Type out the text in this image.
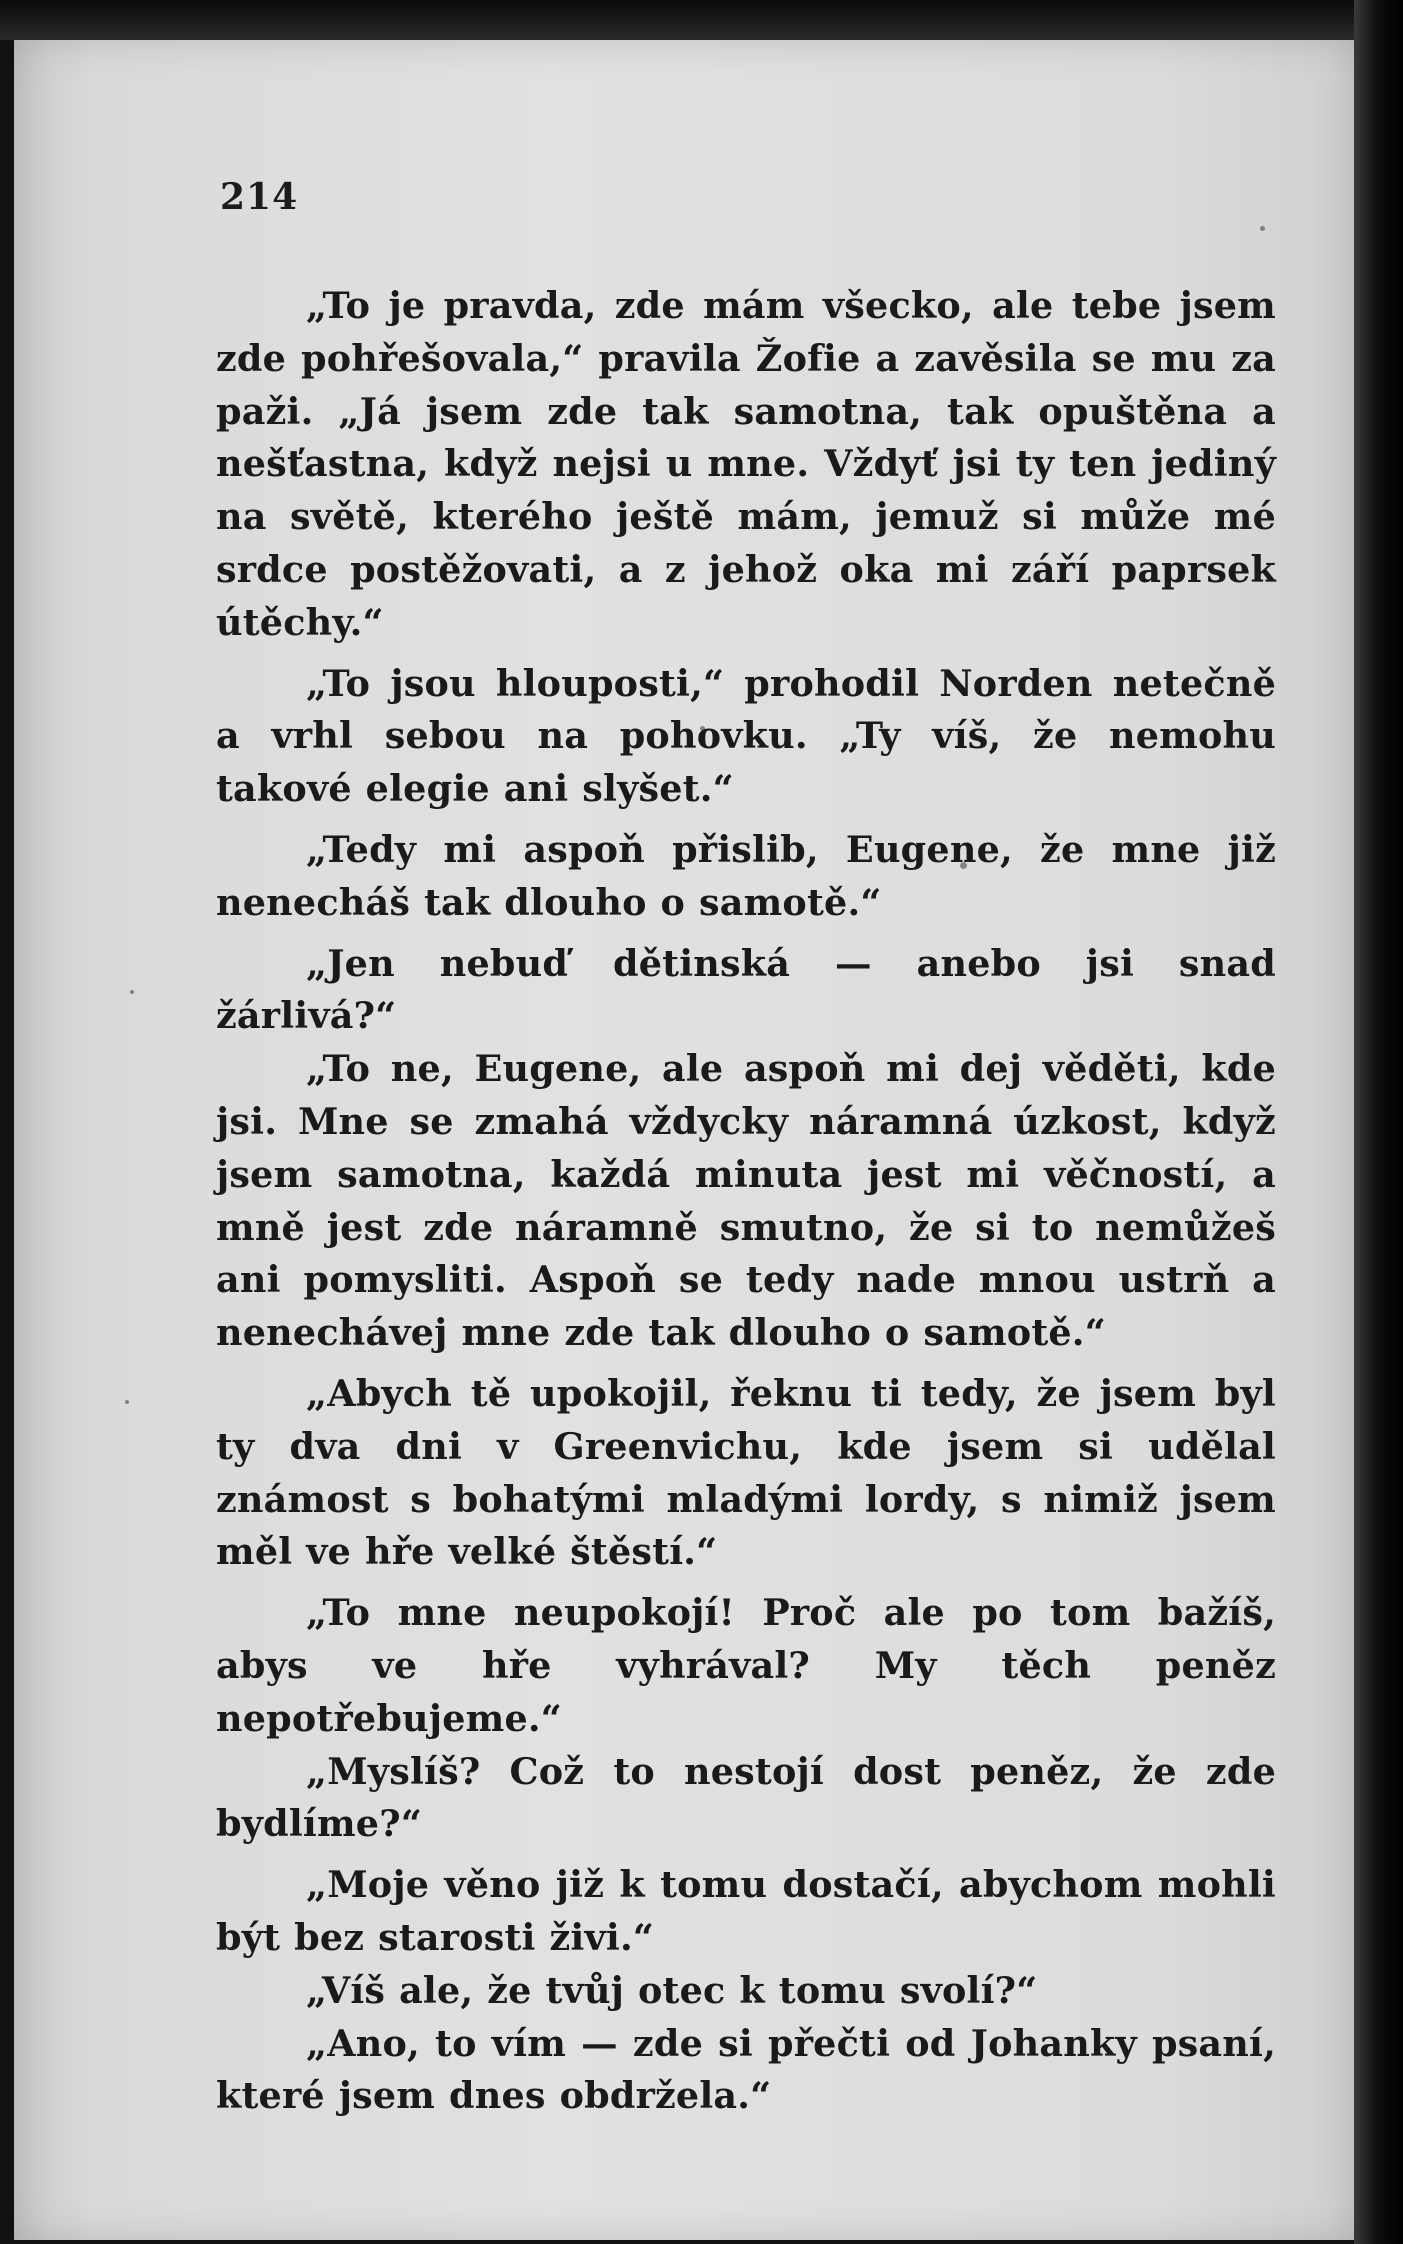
214

„To je pravda, zde mám všecko, ale tebe jsem zde pohřešovala,“ pravila Žofie a zavěsila se mu za paži. „Já jsem zde tak samotna, tak opuštěna a nešťastna, když nejsi u mne. Vždyť jsi ty ten jediný na světě, kterého ještě mám, jemuž si může mé srdce postěžovati, a z jehož oka mi září paprsek útěchy.“

„To jsou hlouposti,“ prohodil Norden netečně a vrhl sebou na pohovku. „Ty víš, že nemohu takové elegie ani slyšet.“

„Tedy mi aspoň přislib, Eugene, že mne již nenecháš tak dlouho o samotě.“

„Jen nebuď dětinská — anebo jsi snad žárlivá?“

„To ne, Eugene, ale aspoň mi dej věděti, kde jsi. Mne se zmahá vždycky náramná úzkost, když jsem samotna, každá minuta jest mi věčností, a mně jest zde náramně smutno, že si to nemůžeš ani pomysliti. Aspoň se tedy nade mnou ustrň a nenechávej mne zde tak dlouho o samotě.“

„Abych tě upokojil, řeknu ti tedy, že jsem byl ty dva dni v Greenvichu, kde jsem si udělal známost s bohatými mladými lordy, s nimiž jsem měl ve hře velké štěstí.“

„To mne neupokojí! Proč ale po tom bažíš, abys ve hře vyhrával? My těch peněz nepotřebujeme.“

„Myslíš? Což to nestojí dost peněz, že zde bydlíme?“

„Moje věno již k tomu dostačí, abychom mohli být bez starosti živi.“

„Víš ale, že tvůj otec k tomu svolí?“

„Ano, to vím — zde si přečti od Johanky psaní, které jsem dnes obdržela.“
